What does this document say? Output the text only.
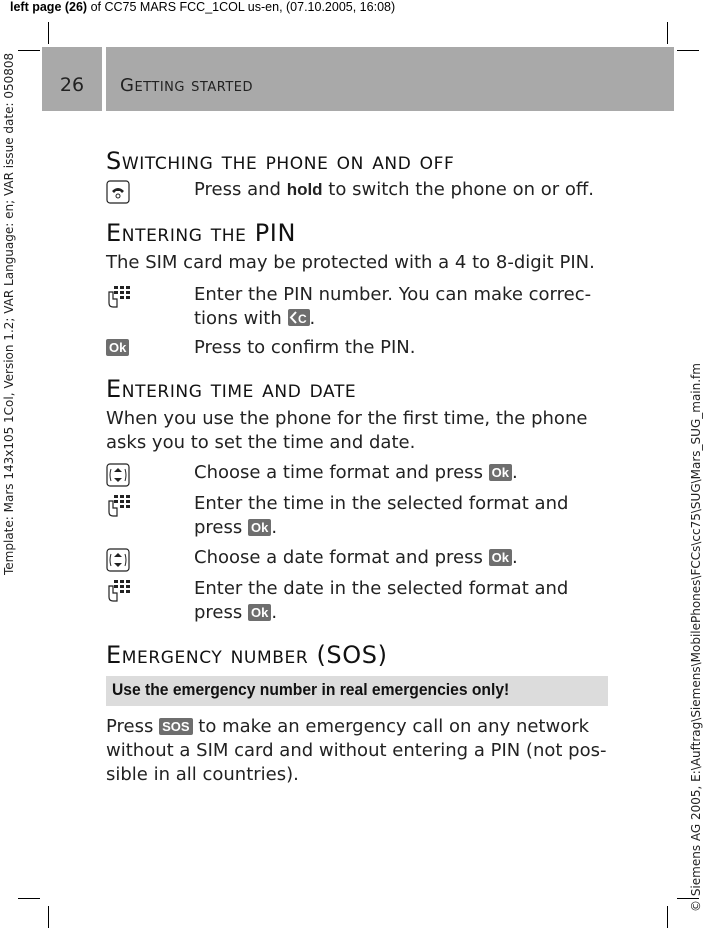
left page (26) of CC75 MARS FCC_1COL us-en, (07.10.2005, 16:08)
Template: Mars 143x105 1Col, Version 1.2; VAR Language: en; VAR issue date: 050808
© Siemens AG 2005, E:\Auftrag\Siemens\MobilePhones\FCCs\cc75\SUG\Mars_SUG_main.fm
26	Getting started
Switching the phone on and off
Press and hold to switch the phone on or off.
Entering the PIN
The SIM card may be protected with a 4 to 8-digit PIN.
Enter the PIN number. You can make correc-
tions with C .
Ok	Press to confirm the PIN.
Entering time and date
When you use the phone for the first time, the phone asks you to set the time and date.
Choose a time format and press Ok .
Enter the time in the selected format and
press Ok .
Choose a date format and press Ok .
Enter the date in the selected format and
press Ok .
Emergency number (SOS)
Use the emergency number in real emergencies only!
Press SOS to make an emergency call on any network without a SIM card and without entering a PIN (not pos-sible in all countries).
